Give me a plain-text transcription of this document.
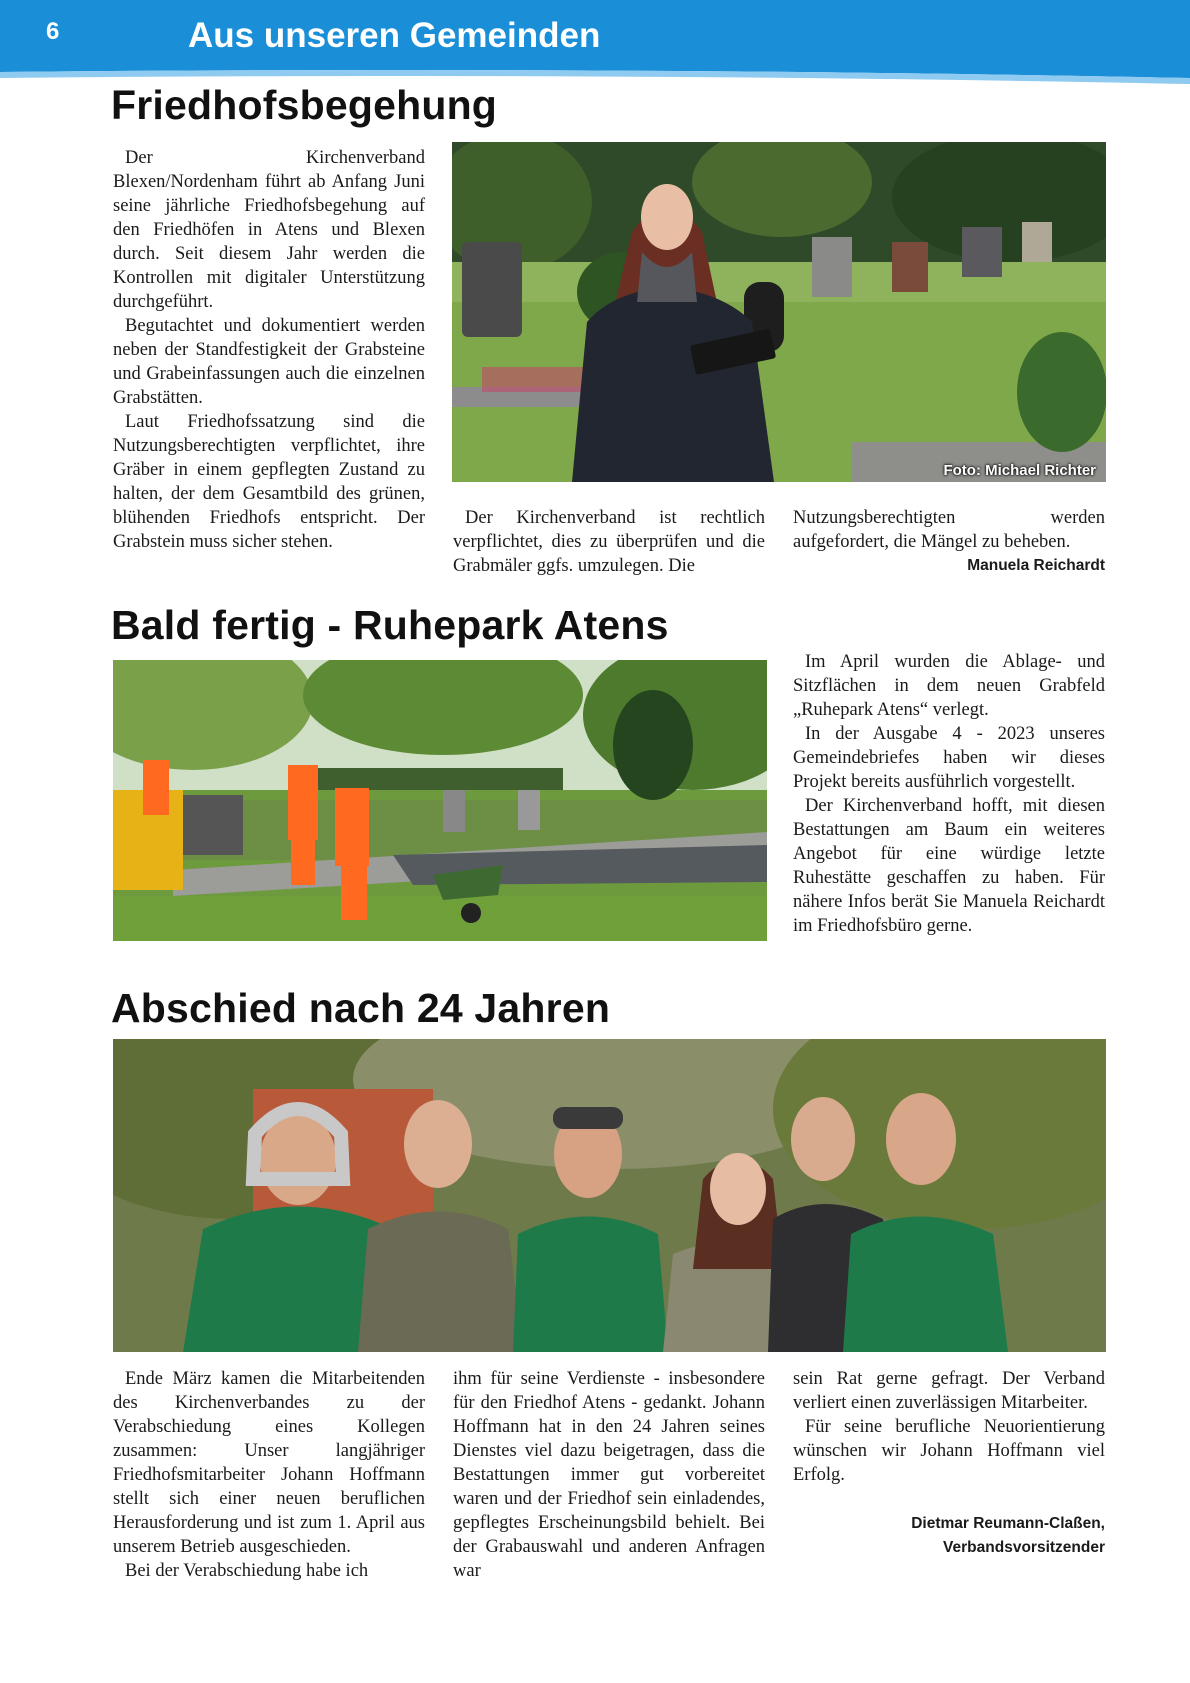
6	Aus unseren Gemeinden
Friedhofsbegehung

Der Kirchenverband Blexen/Nordenham führt ab Anfang Juni seine jährliche Friedhofsbegehung auf den Friedhöfen in Atens und Blexen durch. Seit diesem Jahr werden die Kontrollen mit digitaler Unterstützung durchgeführt.

Begutachtet und dokumentiert werden neben der Standfestigkeit der Grabsteine und Grabeinfassungen auch die einzelnen Grabstätten.

Laut Friedhofssatzung sind die Nutzungsberechtigten verpflichtet, ihre Gräber in einem gepflegten Zustand zu halten, der dem Gesamtbild des grünen, blühenden Friedhofs entspricht. Der Grabstein muss sicher stehen.

Foto: Michael Richter

Der Kirchenverband ist rechtlich verpflichtet, dies zu überprüfen und die Grabmäler ggfs. umzulegen. Die

Nutzungsberechtigten werden aufgefordert, die Mängel zu beheben.

Manuela Reichardt
Bald fertig - Ruhepark Atens

Im April wurden die Ablage- und Sitzflächen in dem neuen Grabfeld „Ruhepark Atens“ verlegt.

In der Ausgabe 4 - 2023 unseres Gemeindebriefes haben wir dieses Projekt bereits ausführlich vorgestellt.

Der Kirchenverband hofft, mit diesen Bestattungen am Baum ein weiteres Angebot für eine würdige letzte Ruhestätte geschaffen zu haben. Für nähere Infos berät Sie Manuela Reichardt im Friedhofsbüro gerne.

Abschied nach 24 Jahren

Ende März kamen die Mitarbeitenden des Kirchenverbandes zu der Verabschiedung eines Kollegen zusammen: Unser langjähriger Friedhofsmitarbeiter Johann Hoffmann stellt sich einer neuen beruflichen Herausforderung und ist zum 1. April aus unserem Betrieb ausgeschieden.

Bei der Verabschiedung habe ich

ihm für seine Verdienste - insbesondere für den Friedhof Atens - gedankt. Johann Hoffmann hat in den 24 Jahren seines Dienstes viel dazu beigetragen, dass die Bestattungen immer gut vorbereitet waren und der Friedhof sein einladendes, gepflegtes Erscheinungsbild behielt. Bei der Grabauswahl und anderen Anfragen war

sein Rat gerne gefragt. Der Verband verliert einen zuverlässigen Mitarbeiter.

Für seine berufliche Neuorientierung wünschen wir Johann Hoffmann viel Erfolg.

Dietmar Reumann-Claßen,
Verbandsvorsitzender
